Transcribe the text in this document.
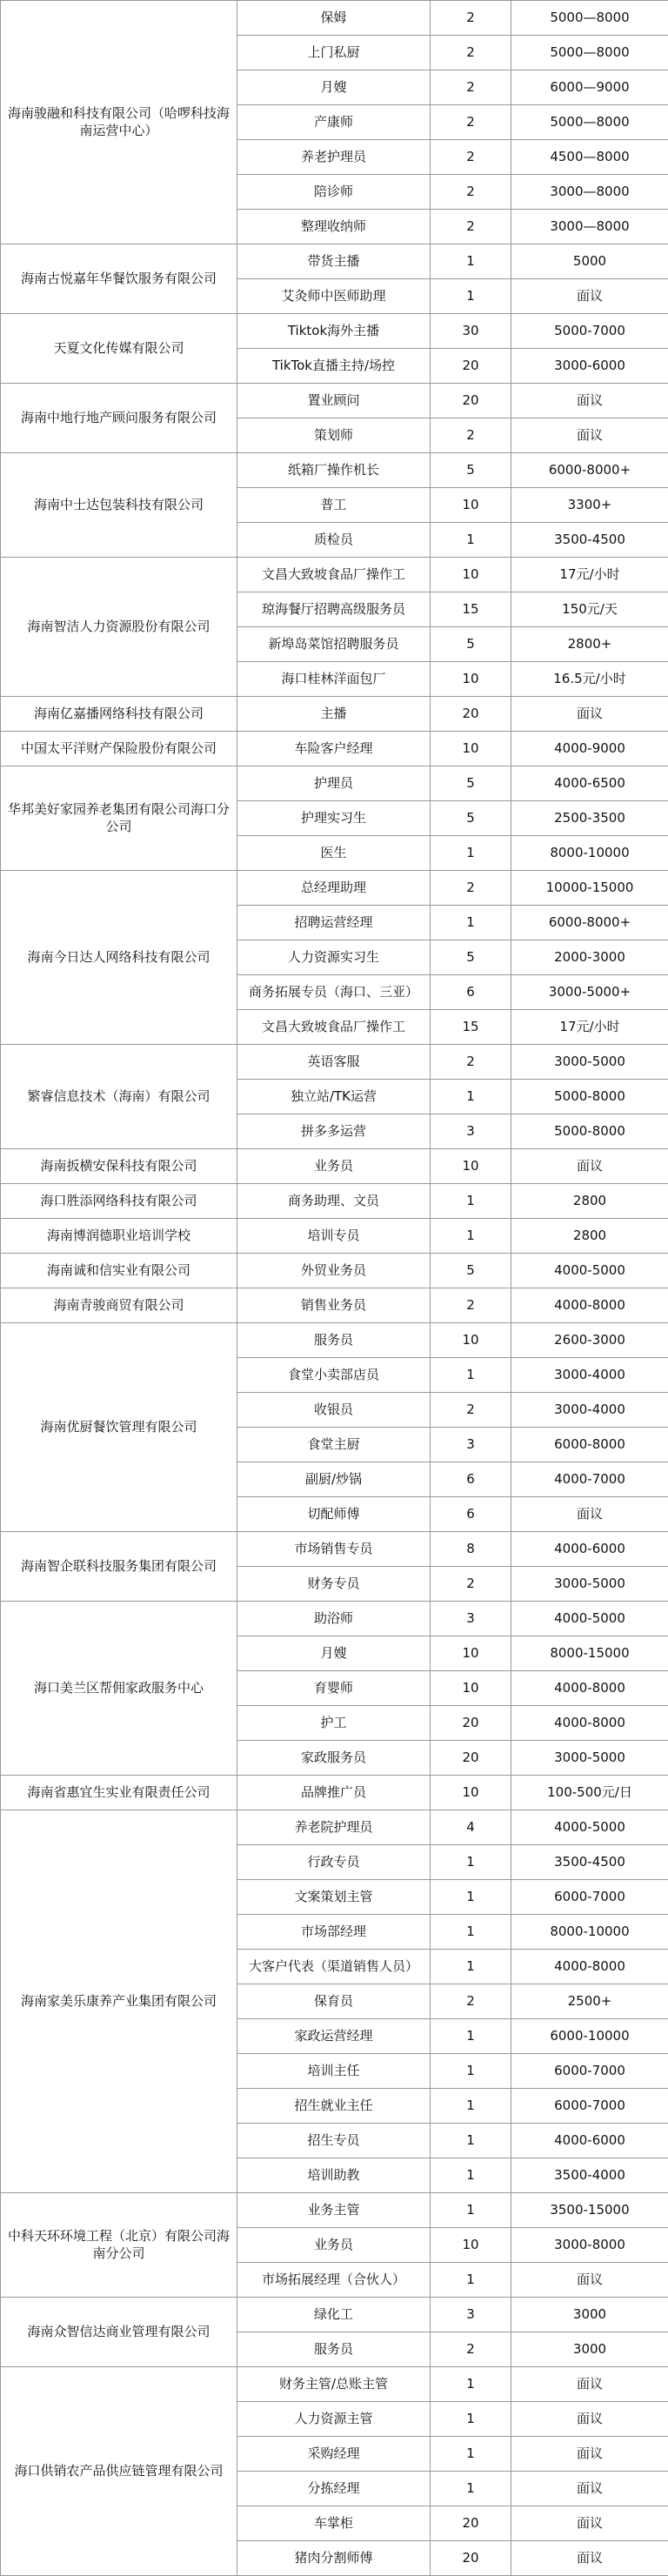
海南骏融和科技有限公司（哈啰科技海南运营中心）	保姆	2	5000—8000
	上门私厨	2	5000—8000
	月嫂	2	6000—9000
	产康师	2	5000—8000
	养老护理员	2	4500—8000
	陪诊师	2	3000—8000
	整理收纳师	2	3000—8000
海南古悦嘉年华餐饮服务有限公司	带货主播	1	5000
	艾灸师中医师助理	1	面议
天夏文化传媒有限公司	Tiktok海外主播	30	5000-7000
	TikTok直播主持/场控	20	3000-6000
海南中地行地产顾问服务有限公司	置业顾问	20	面议
	策划师	2	面议
海南中士达包装科技有限公司	纸箱厂操作机长	5	6000-8000+
	普工	10	3300+
	质检员	1	3500-4500
海南智洁人力资源股份有限公司	文昌大致坡食品厂操作工	10	17元/小时
	琼海餐厅招聘高级服务员	15	150元/天
	新埠岛菜馆招聘服务员	5	2800+
	海口桂林洋面包厂	10	16.5元/小时
海南亿嘉播网络科技有限公司	主播	20	面议
中国太平洋财产保险股份有限公司	车险客户经理	10	4000-9000
华邦美好家园养老集团有限公司海口分公司	护理员	5	4000-6500
	护理实习生	5	2500-3500
	医生	1	8000-10000
海南今日达人网络科技有限公司	总经理助理	2	10000-15000
	招聘运营经理	1	6000-8000+
	人力资源实习生	5	2000-3000
	商务拓展专员（海口、三亚）	6	3000-5000+
	文昌大致坡食品厂操作工	15	17元/小时
繁睿信息技术（海南）有限公司	英语客服	2	3000-5000
	独立站/TK运营	1	5000-8000
	拼多多运营	3	5000-8000
海南扳横安保科技有限公司	业务员	10	面议
海口胜添网络科技有限公司	商务助理、文员	1	2800
海南博润德职业培训学校	培训专员	1	2800
海南诚和信实业有限公司	外贸业务员	5	4000-5000
海南青骏商贸有限公司	销售业务员	2	4000-8000
海南优厨餐饮管理有限公司	服务员	10	2600-3000
	食堂小卖部店员	1	3000-4000
	收银员	2	3000-4000
	食堂主厨	3	6000-8000
	副厨/炒锅	6	4000-7000
	切配师傅	6	面议
海南智企联科技服务集团有限公司	市场销售专员	8	4000-6000
	财务专员	2	3000-5000
海口美兰区帮佣家政服务中心	助浴师	3	4000-5000
	月嫂	10	8000-15000
	育婴师	10	4000-8000
	护工	20	4000-8000
	家政服务员	20	3000-5000
海南省惠宜生实业有限责任公司	品牌推广员	10	100-500元/日
海南家美乐康养产业集团有限公司	养老院护理员	4	4000-5000
	行政专员	1	3500-4500
	文案策划主管	1	6000-7000
	市场部经理	1	8000-10000
	大客户代表（渠道销售人员）	1	4000-8000
	保育员	2	2500+
	家政运营经理	1	6000-10000
	培训主任	1	6000-7000
	招生就业主任	1	6000-7000
	招生专员	1	4000-6000
	培训助教	1	3500-4000
中科天环环境工程（北京）有限公司海南分公司	业务主管	1	3500-15000
	业务员	10	3000-8000
	市场拓展经理（合伙人）	1	面议
海南众智信达商业管理有限公司	绿化工	3	3000
	服务员	2	3000
海口供销农产品供应链管理有限公司	财务主管/总账主管	1	面议
	人力资源主管	1	面议
	采购经理	1	面议
	分拣经理	1	面议
	车掌柜	20	面议
	猪肉分割师傅	20	面议
